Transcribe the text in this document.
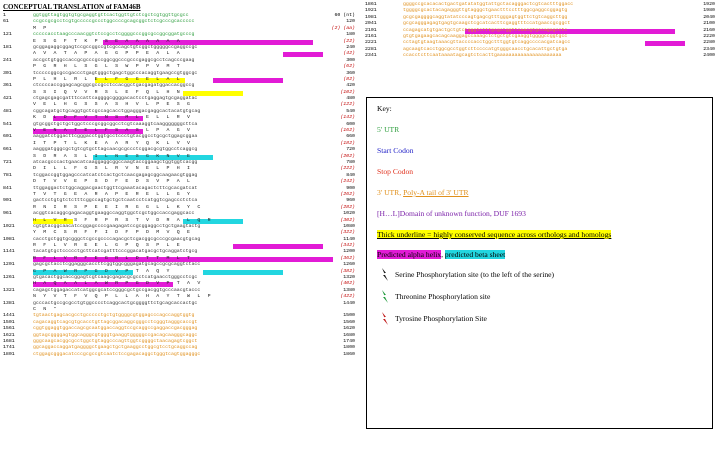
CONCEPTUAL TRANSLATION of FAM46B
1	ggtggttagtggtgtgcgaggtgttcactggttgtctcgctcgtggttgcgcc	60 (nt)
61	ccgccgcgcctcgtgcccccgccctggccccgcagcggctctcgcccgcaccccc	120
M P	(2) (aa)
121	cccccacctaagcccaacggtctccgcctcggggcccggcgccggcggatgcccg	180
E S G F T K P S E A A A A A A	(22)
181	gcggagaggcggagtccgccggccgtcgccagctgtcggctgggggccgaggccgc	240
A V A T A P A G G P P E A L A	(42)
241	accgctgtggccaccgcgcccgccggcggcccgcccgaggcgcctcagcccgaag	300
P G R H L S G L S W P P V M T	(62)
301	tcccccggcgccgaccctgagtgggctgagctggcccacaggtgaagccgtggcgc	360
P L H L R L E L F G G E L A L	(82)
361	ctccccaccggagcagcggcgccgcctccacggctgacgagatggaccacggccg	420
S S I Q V V R S L E F Q L H N	(102)
421	ctgagcgagcgatttccattcaggggcggggacactcctgaggagtgcgaggatac	480
V E L H G S S A S H V L P E S G	(122)
481	cggcagatgctgcaggtgctcgccagcacctggagggacgaggcactacatgtgcag	540
K D L D F V T N S M L E L L R V	(142)
541	gtgcggctgctgctggctcccgcggcggcctcgtcaaaggtcaagggggggcttca	600
V E N A T E L F S A S L P A G V	(162)
601	aaggatctggacttcgggacctggtgcctccctgtacggcctgcgctggagcggaa	660
I T P T L K E A A R Y Q K L V V	(182)
661	aagggatgggcgctgtcgtgcttagcaacgcgccctcggacgcgtggcctcaggcg	720
S D R A S L I L N E S G K N V E	(202)
721	atcacgcccactgaacatcaaggaggcggccaagtaccggaagctggtggtcacgg	780
D I L L F G S L R V N E L P H I	(222)
781	tcggaccggtggagcccatcatctcactgctcaacgagagcggcaagaacgtggag	840
D T V V E P S D F E D S V P A L	(242)
841	ttggaggactctggcaggacgaactggttcgaaatacagactcttcgcacgatcat	900
T V T G E A R A P E R E L L G Y	(262)
901	gactcctgtgtctctttcggccagtgctgctcaatcctcatggtcgagccctctca	960
R N I R S P E E I R G G L L K Y C	(282)
961	acggtcacaggcgagacaggtgaaggccaggtggctcgctggccaccgaggcacc	1020
H L V R S F R P R S T V D R A L Q R	(302)
1021	cgtgtacggcaacatccggagccccgaagagatccgcggaggcctgctgaagtactg	1080
Y M C S R F F I D F P D M V Q E	(322)
1081	cacctgctggtgcgggctcgccgccccagacgctcgacggcgcccgcgaacgtgcag	1140
R F L V R E E L G P Q S P L E	(342)
1141	tacatgtgctccccctgcttcatcgatttcccggacatgacgctgcaggatctgcg	1200
R F L V R F E G R L D T T M L T	(362)
1201	gagcgctacctcggagggcaccttcggtggcgggagatgcagccgcgcaggtctacc	1260
G P A W R P G D V P T A Q Y	(382)
1261	gtgacactggcaccggagtcgtcaagcgagacgcgcctcatgaacctgggcctcgc	1320
H A Q A A L A W R P G D V P T A V	(402)
1321	cagagctggagaccatcatggcgcatccgggcgctgccgacggtgcccaacgtaccc	1380
N Y V T F V Q P L L A H A Y T W L P	(422)
1381	gcccactgccgcgcctgtggcccctcaggcactgcggggttctgcagcaccactgc	1440
C N *
1441	tgtaactgagcacgcctgccccctgctgtggggcgtggagcccagccaggtggtg	1500
1501	cagacaggtcagcgtgcacctgttagcggacaggcgggcctcgggtagggcaccgt	1560
1561	cggtggaggtggaccagcgcaatggaccaggtccgcaggccgaggaccgacgggag	1620
1621	ggtagcggggagtggcagggcgtgggtgaaggtgggggccgacagcaagggcaggc	1680
1681	gggcaagcacggcgcctggctgtaggcccagttggtcggggctaacagagtcggct	1740
1741	ggcaggaccaggatgaggggctgaagctgctgaaggcctggcgtcctgcaggccag	1800
1801	ctggagcgggacatcccgcgccgtcaatctccgagacaggctgggtcagtggagggc	1860
1861	ggggccgcacacactgactgatatatggtattgctacagggactcgtcactttggacc	1920
1921	tggggcgcactacagagggttgtagggctgaactttcctttggcgaggccggagtg	1980
1981	gcgcgaggggcaggtatatcccagtgagcgtttgggagtggttctgtcaggcttgg	2040
2041	gcgcagggagagtgagtgcaagctcgcatcacttcgaggtttccatgaaccgcggct	2100
2101	ccagagcatgtgactgctgtctgggtctttgcgctggttcaacgtgccagagcctc	2160
2161	gtgtgagaagcacagcaaggagccaaagctctgctgtcgaaggtggggccggtgcc	2220
2221	cctagtgtaagtaaacgttaccccacctggctttggtgtcaggccccacgatcagcc	2280
2281	agcaagtcacctggcgcctggtcttccccatgtgggcaacctgcacattgctgtga	2340
2341	ccacctcttcaataaaatagcagtctcacttgaaaaaaaaaaaaaaaaaaaaaa	2400
Key:
5' UTR
Start Codon
Stop Codon
3' UTR, Poly-A tail of 3' UTR
[H…L]Domain of unknown function, DUF 1693
Thick underline = highly conserved sequence across orthologs and homologs
Predicted alpha helix, predicted beta sheet
Serine Phosphorylation site (to the left of the serine)
Threonine Phosphorylation site
Tyrosine Phosphorylation Site
